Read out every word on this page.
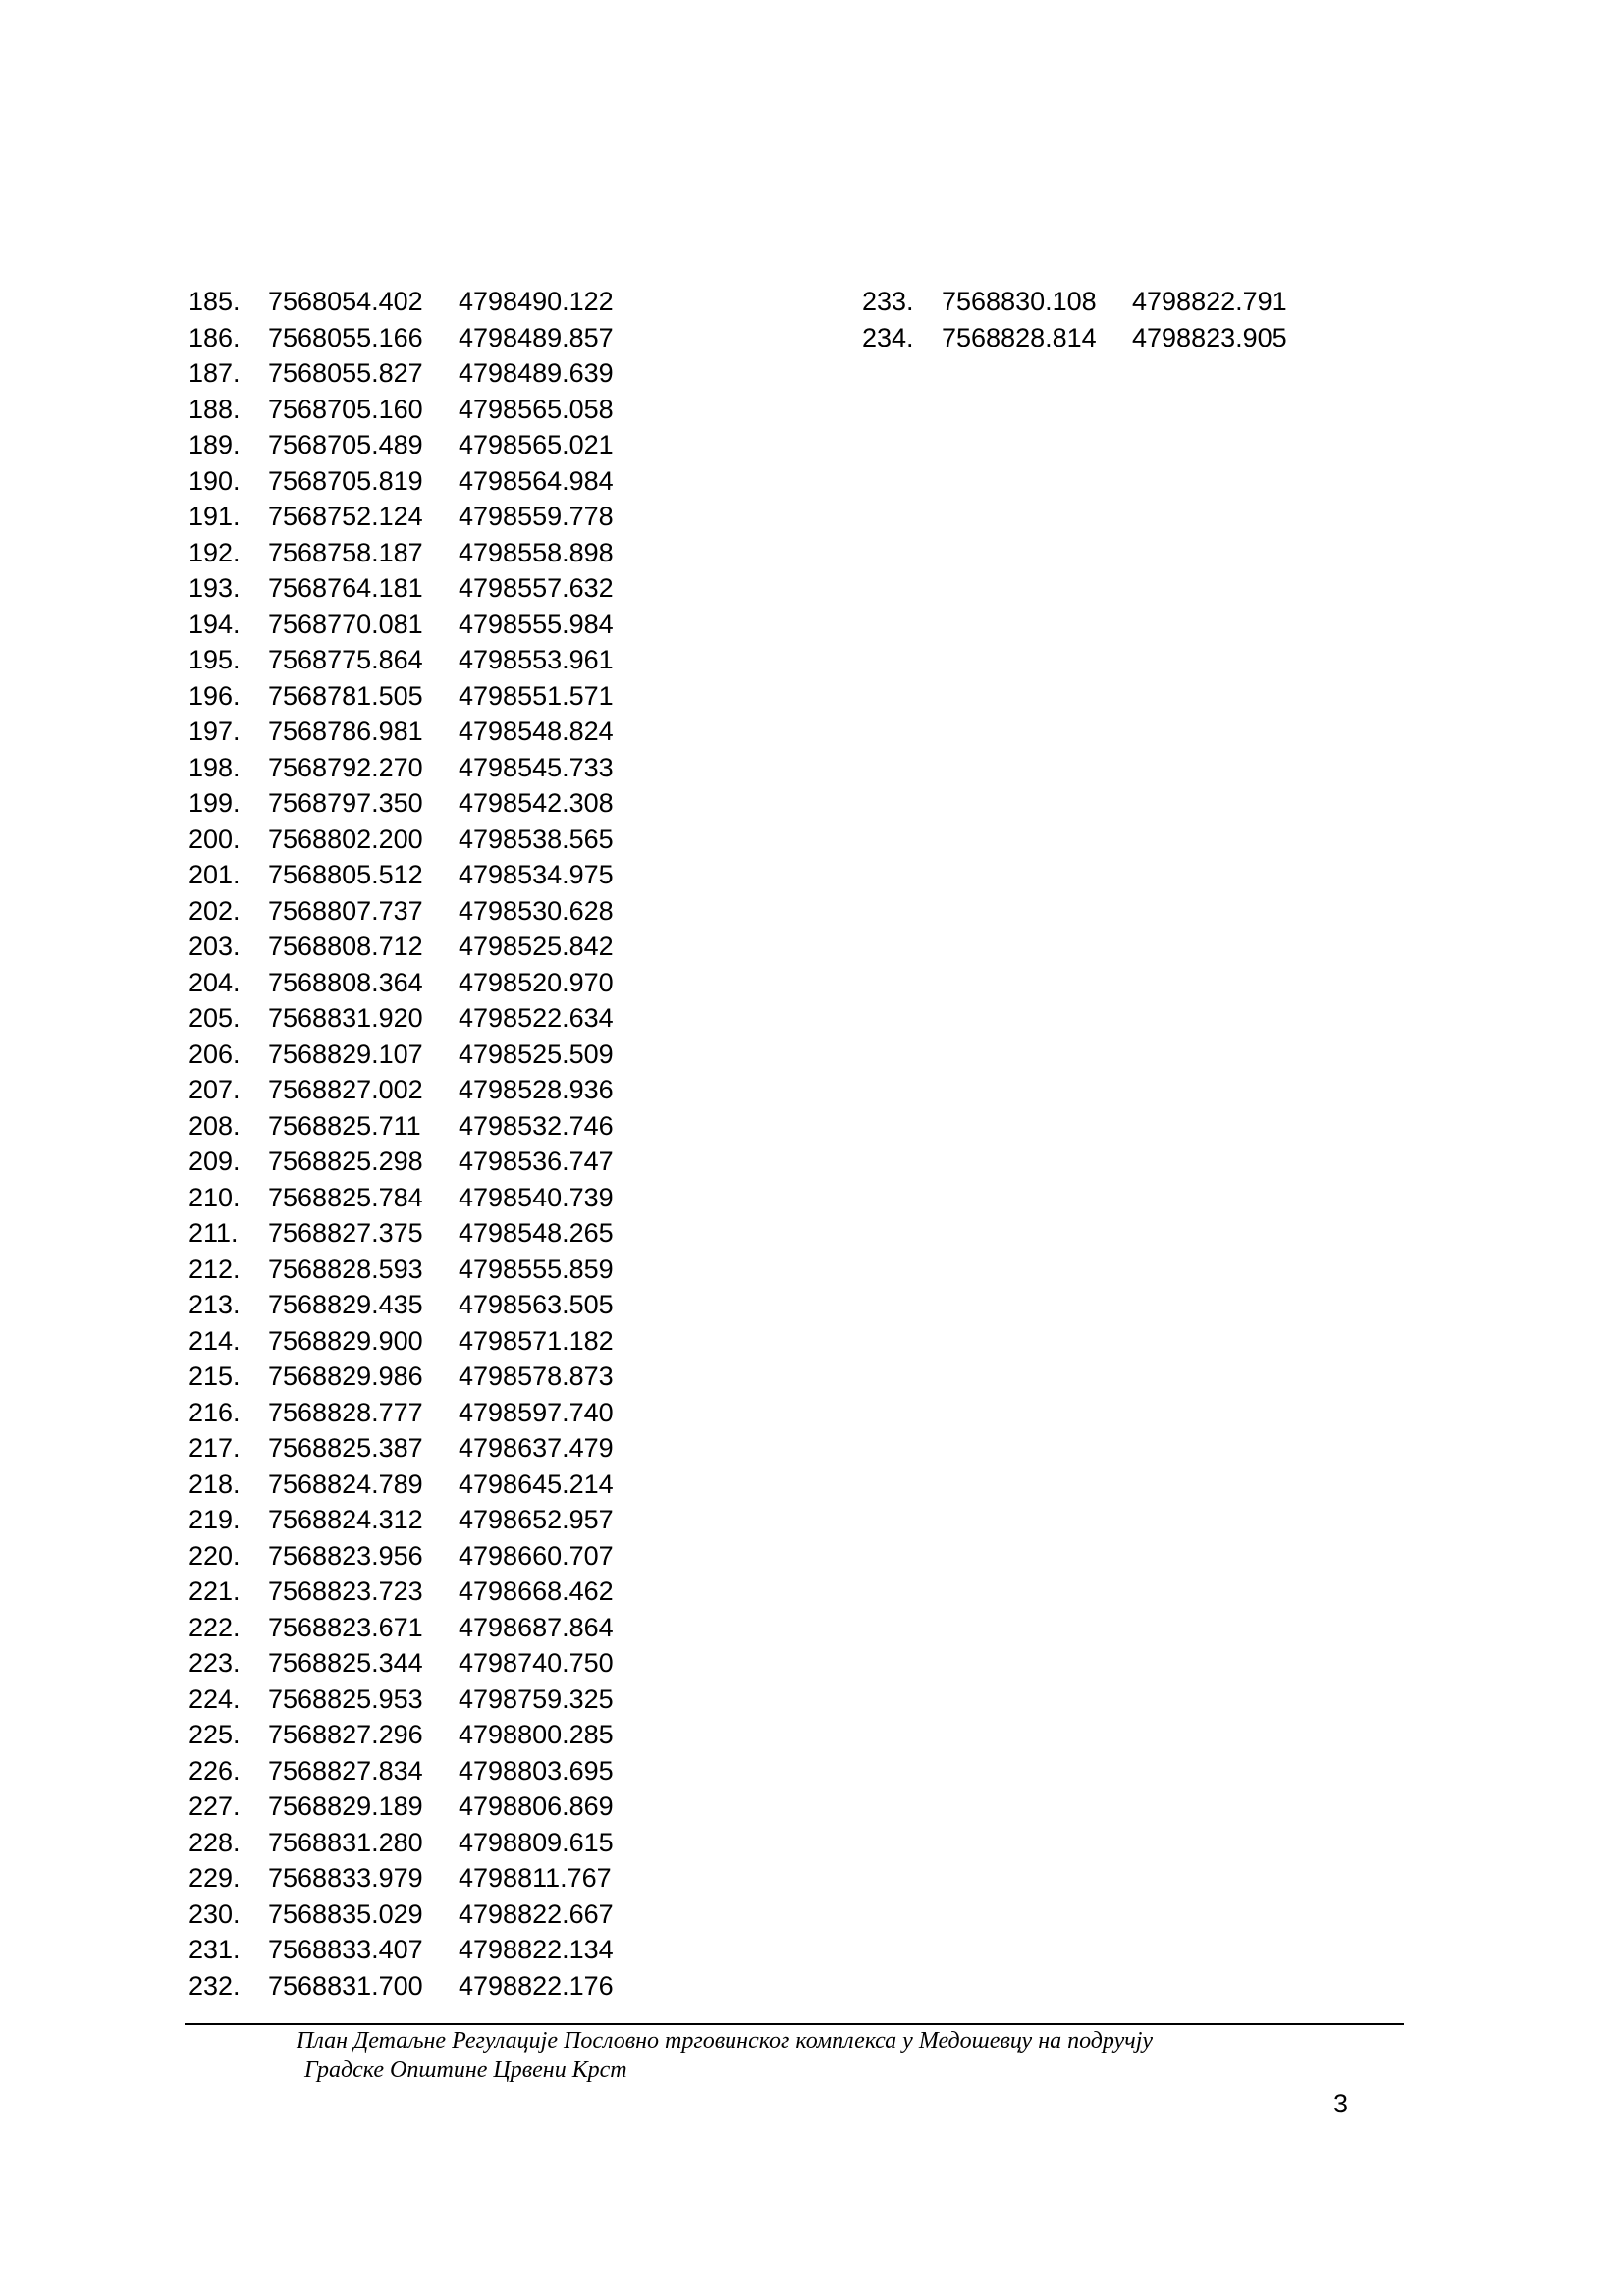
185. 7568054.402 4798490.122
186. 7568055.166 4798489.857
187. 7568055.827 4798489.639
188. 7568705.160 4798565.058
189. 7568705.489 4798565.021
190. 7568705.819 4798564.984
191. 7568752.124 4798559.778
192. 7568758.187 4798558.898
193. 7568764.181 4798557.632
194. 7568770.081 4798555.984
195. 7568775.864 4798553.961
196. 7568781.505 4798551.571
197. 7568786.981 4798548.824
198. 7568792.270 4798545.733
199. 7568797.350 4798542.308
200. 7568802.200 4798538.565
201. 7568805.512 4798534.975
202. 7568807.737 4798530.628
203. 7568808.712 4798525.842
204. 7568808.364 4798520.970
205. 7568831.920 4798522.634
206. 7568829.107 4798525.509
207. 7568827.002 4798528.936
208. 7568825.711 4798532.746
209. 7568825.298 4798536.747
210. 7568825.784 4798540.739
211. 7568827.375 4798548.265
212. 7568828.593 4798555.859
213. 7568829.435 4798563.505
214. 7568829.900 4798571.182
215. 7568829.986 4798578.873
216. 7568828.777 4798597.740
217. 7568825.387 4798637.479
218. 7568824.789 4798645.214
219. 7568824.312 4798652.957
220. 7568823.956 4798660.707
221. 7568823.723 4798668.462
222. 7568823.671 4798687.864
223. 7568825.344 4798740.750
224. 7568825.953 4798759.325
225. 7568827.296 4798800.285
226. 7568827.834 4798803.695
227. 7568829.189 4798806.869
228. 7568831.280 4798809.615
229. 7568833.979 4798811.767
230. 7568835.029 4798822.667
231. 7568833.407 4798822.134
232. 7568831.700 4798822.176
233. 7568830.108 4798822.791
234. 7568828.814 4798823.905
План Детаљне Регулације Пословно трговинског комплекса у Медошевцу на подручју
Градске Општине Црвени Крст
3
